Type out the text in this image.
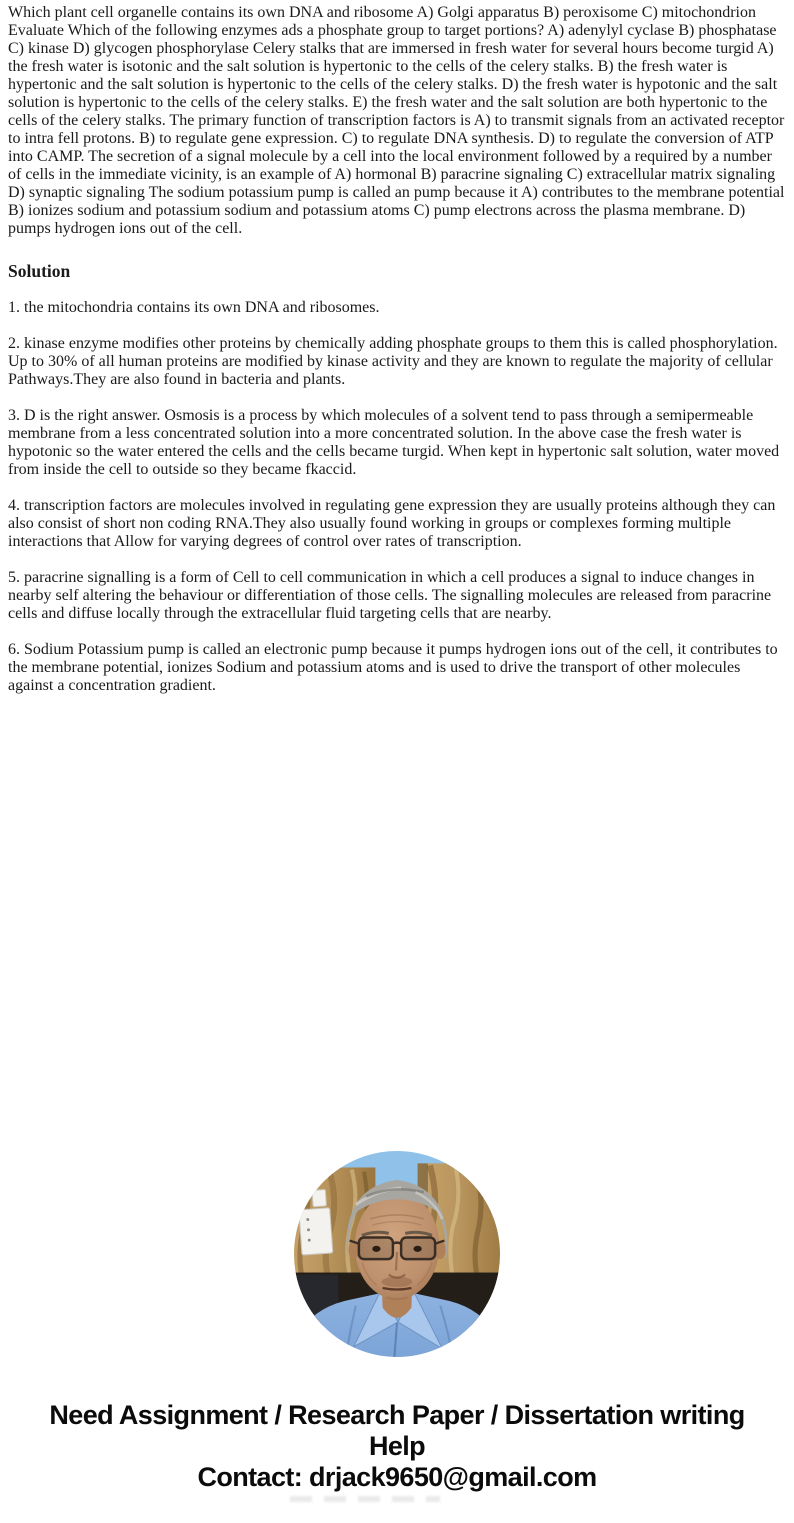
Which plant cell organelle contains its own DNA and ribosome A) Golgi apparatus B) peroxisome C) mitochondrion Evaluate Which of the following enzymes ads a phosphate group to target portions? A) adenylyl cyclase B) phosphatase C) kinase D) glycogen phosphorylase Celery stalks that are immersed in fresh water for several hours become turgid A) the fresh water is isotonic and the salt solution is hypertonic to the cells of the celery stalks. B) the fresh water is hypertonic and the salt solution is hypertonic to the cells of the celery stalks. D) the fresh water is hypotonic and the salt solution is hypertonic to the cells of the celery stalks. E) the fresh water and the salt solution are both hypertonic to the cells of the celery stalks. The primary function of transcription factors is A) to transmit signals from an activated receptor to intra fell protons. B) to regulate gene expression. C) to regulate DNA synthesis. D) to regulate the conversion of ATP into CAMP. The secretion of a signal molecule by a cell into the local environment followed by a required by a number of cells in the immediate vicinity, is an example of A) hormonal B) paracrine signaling C) extracellular matrix signaling D) synaptic signaling The sodium potassium pump is called an pump because it A) contributes to the membrane potential B) ionizes sodium and potassium sodium and potassium atoms C) pump electrons across the plasma membrane. D) pumps hydrogen ions out of the cell.

Solution

1. the mitochondria contains its own DNA and ribosomes.

2. kinase enzyme modifies other proteins by chemically adding phosphate groups to them this is called phosphorylation. Up to 30% of all human proteins are modified by kinase activity and they are known to regulate the majority of cellular Pathways.They are also found in bacteria and plants.

3. D is the right answer. Osmosis is a process by which molecules of a solvent tend to pass through a semipermeable membrane from a less concentrated solution into a more concentrated solution. In the above case the fresh water is hypotonic so the water entered the cells and the cells became turgid. When kept in hypertonic salt solution, water moved from inside the cell to outside so they became fkaccid.

4. transcription factors are molecules involved in regulating gene expression they are usually proteins although they can also consist of short non coding RNA.They also usually found working in groups or complexes forming multiple interactions that Allow for varying degrees of control over rates of transcription.

5. paracrine signalling is a form of Cell to cell communication in which a cell produces a signal to induce changes in nearby self altering the behaviour or differentiation of those cells. The signalling molecules are released from paracrine cells and diffuse locally through the extracellular fluid targeting cells that are nearby.

6. Sodium Potassium pump is called an electronic pump because it pumps hydrogen ions out of the cell, it contributes to the membrane potential, ionizes Sodium and potassium atoms and is used to drive the transport of other molecules against a concentration gradient.

Need Assignment / Research Paper / Dissertation writing Help
Contact: drjack9650@gmail.com
